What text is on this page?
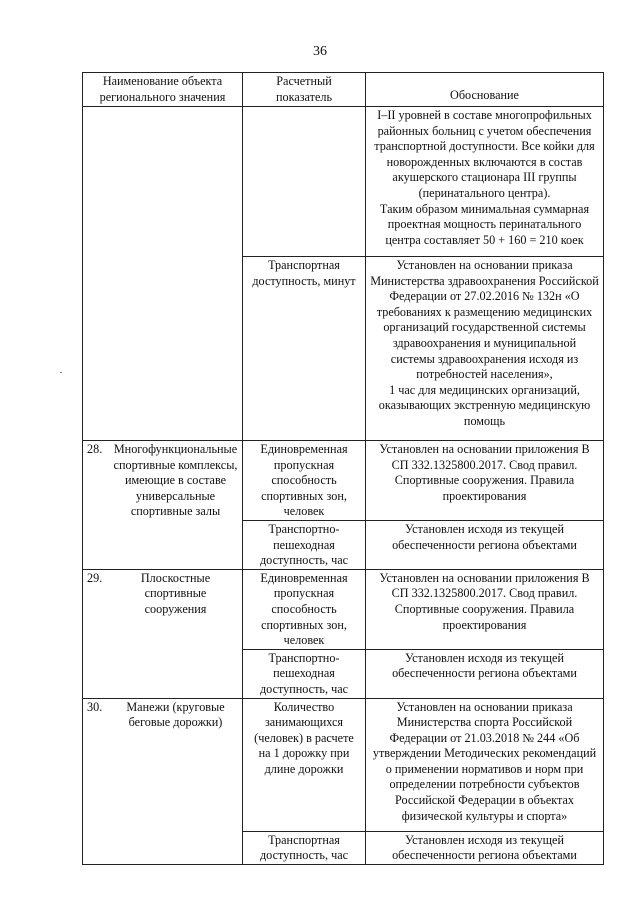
36
Наименование объекта регионального значения	Расчетный показатель	Обоснование
		I–II уровней в составе многопрофильных районных больниц с учетом обеспечения транспортной доступности. Все койки для новорожденных включаются в состав акушерского стационара III группы (перинатального центра).
Таким образом минимальная суммарная проектная мощность перинатального центра составляет 50 + 160 = 210 коек
	Транспортная доступность, минут	Установлен на основании приказа Министерства здравоохранения Российской Федерации от 27.02.2016 № 132н «О требованиях к размещению медицинских организаций государственной системы здравоохранения и муниципальной системы здравоохранения исходя из потребностей населения»,
1 час для медицинских организаций, оказывающих экстренную медицинскую помощь

28. Многофункциональные спортивные комплексы, имеющие в составе универсальные спортивные залы	Единовременная пропускная способность спортивных зон, человек	Установлен на основании приложения В СП 332.1325800.2017. Свод правил. Спортивные сооружения. Правила проектирования
	Транспортно-пешеходная доступность, час	Установлен исходя из текущей обеспеченности региона объектами

29. Плоскостные спортивные сооружения	Единовременная пропускная способность спортивных зон, человек	Установлен на основании приложения В СП 332.1325800.2017. Свод правил. Спортивные сооружения. Правила проектирования
	Транспортно-пешеходная доступность, час	Установлен исходя из текущей обеспеченности региона объектами

30. Манежи (круговые беговые дорожки)	Количество занимающихся (человек) в расчете на 1 дорожку при длине дорожки	Установлен на основании приказа Министерства спорта Российской Федерации от 21.03.2018 № 244 «Об утверждении Методических рекомендаций о применении нормативов и норм при определении потребности субъектов Российской Федерации в объектах физической культуры и спорта»
	Транспортная доступность, час	Установлен исходя из текущей обеспеченности региона объектами
